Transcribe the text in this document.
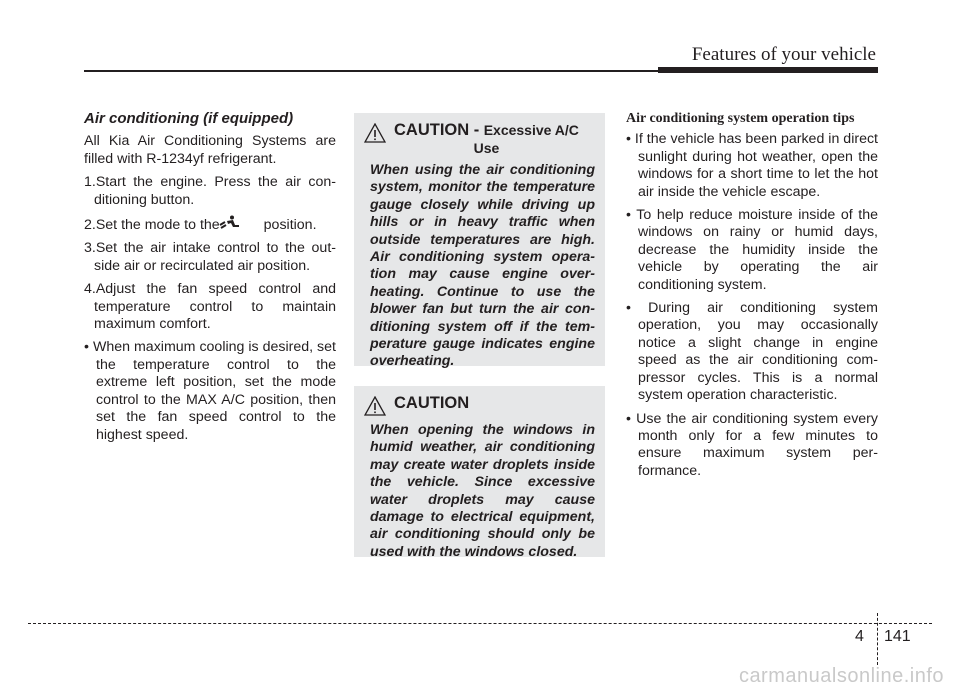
Features of your vehicle

Air conditioning (if equipped)

All Kia Air Conditioning Systems are filled with R-1234yf refrigerant.

1.Start the engine. Press the air conditioning button.

2.Set the mode to the	position.

3.Set the air intake control to the outside air or recirculated air position.

4.Adjust the fan speed control and temperature control to maintain maximum comfort.

• When maximum cooling is desired, set the temperature control to the extreme left position, set the mode control to the MAX A/C position, then set the fan speed control to the highest speed.

CAUTION - Excessive A/C
Use
When using the air conditioning system, monitor the temperature gauge closely while driving up hills or in heavy traffic when outside temperatures are high. Air conditioning system operation may cause engine overheating. Continue to use the blower fan but turn the air conditioning system off if the temperature gauge indicates engine overheating.
CAUTION
When opening the windows in humid weather, air conditioning may create water droplets inside the vehicle. Since excessive water droplets may cause damage to electrical equipment, air conditioning should only be used with the windows closed.

Air conditioning system operation tips

• If the vehicle has been parked in direct sunlight during hot weather, open the windows for a short time to let the hot air inside the vehicle escape.

• To help reduce moisture inside of the windows on rainy or humid days, decrease the humidity inside the vehicle by operating the air conditioning system.

• During air conditioning system operation, you may occasionally notice a slight change in engine speed as the air conditioning compressor cycles. This is a normal system operation characteristic.

• Use the air conditioning system every month only for a few minutes to ensure maximum system performance.

4 141
carmanualsonline.info
